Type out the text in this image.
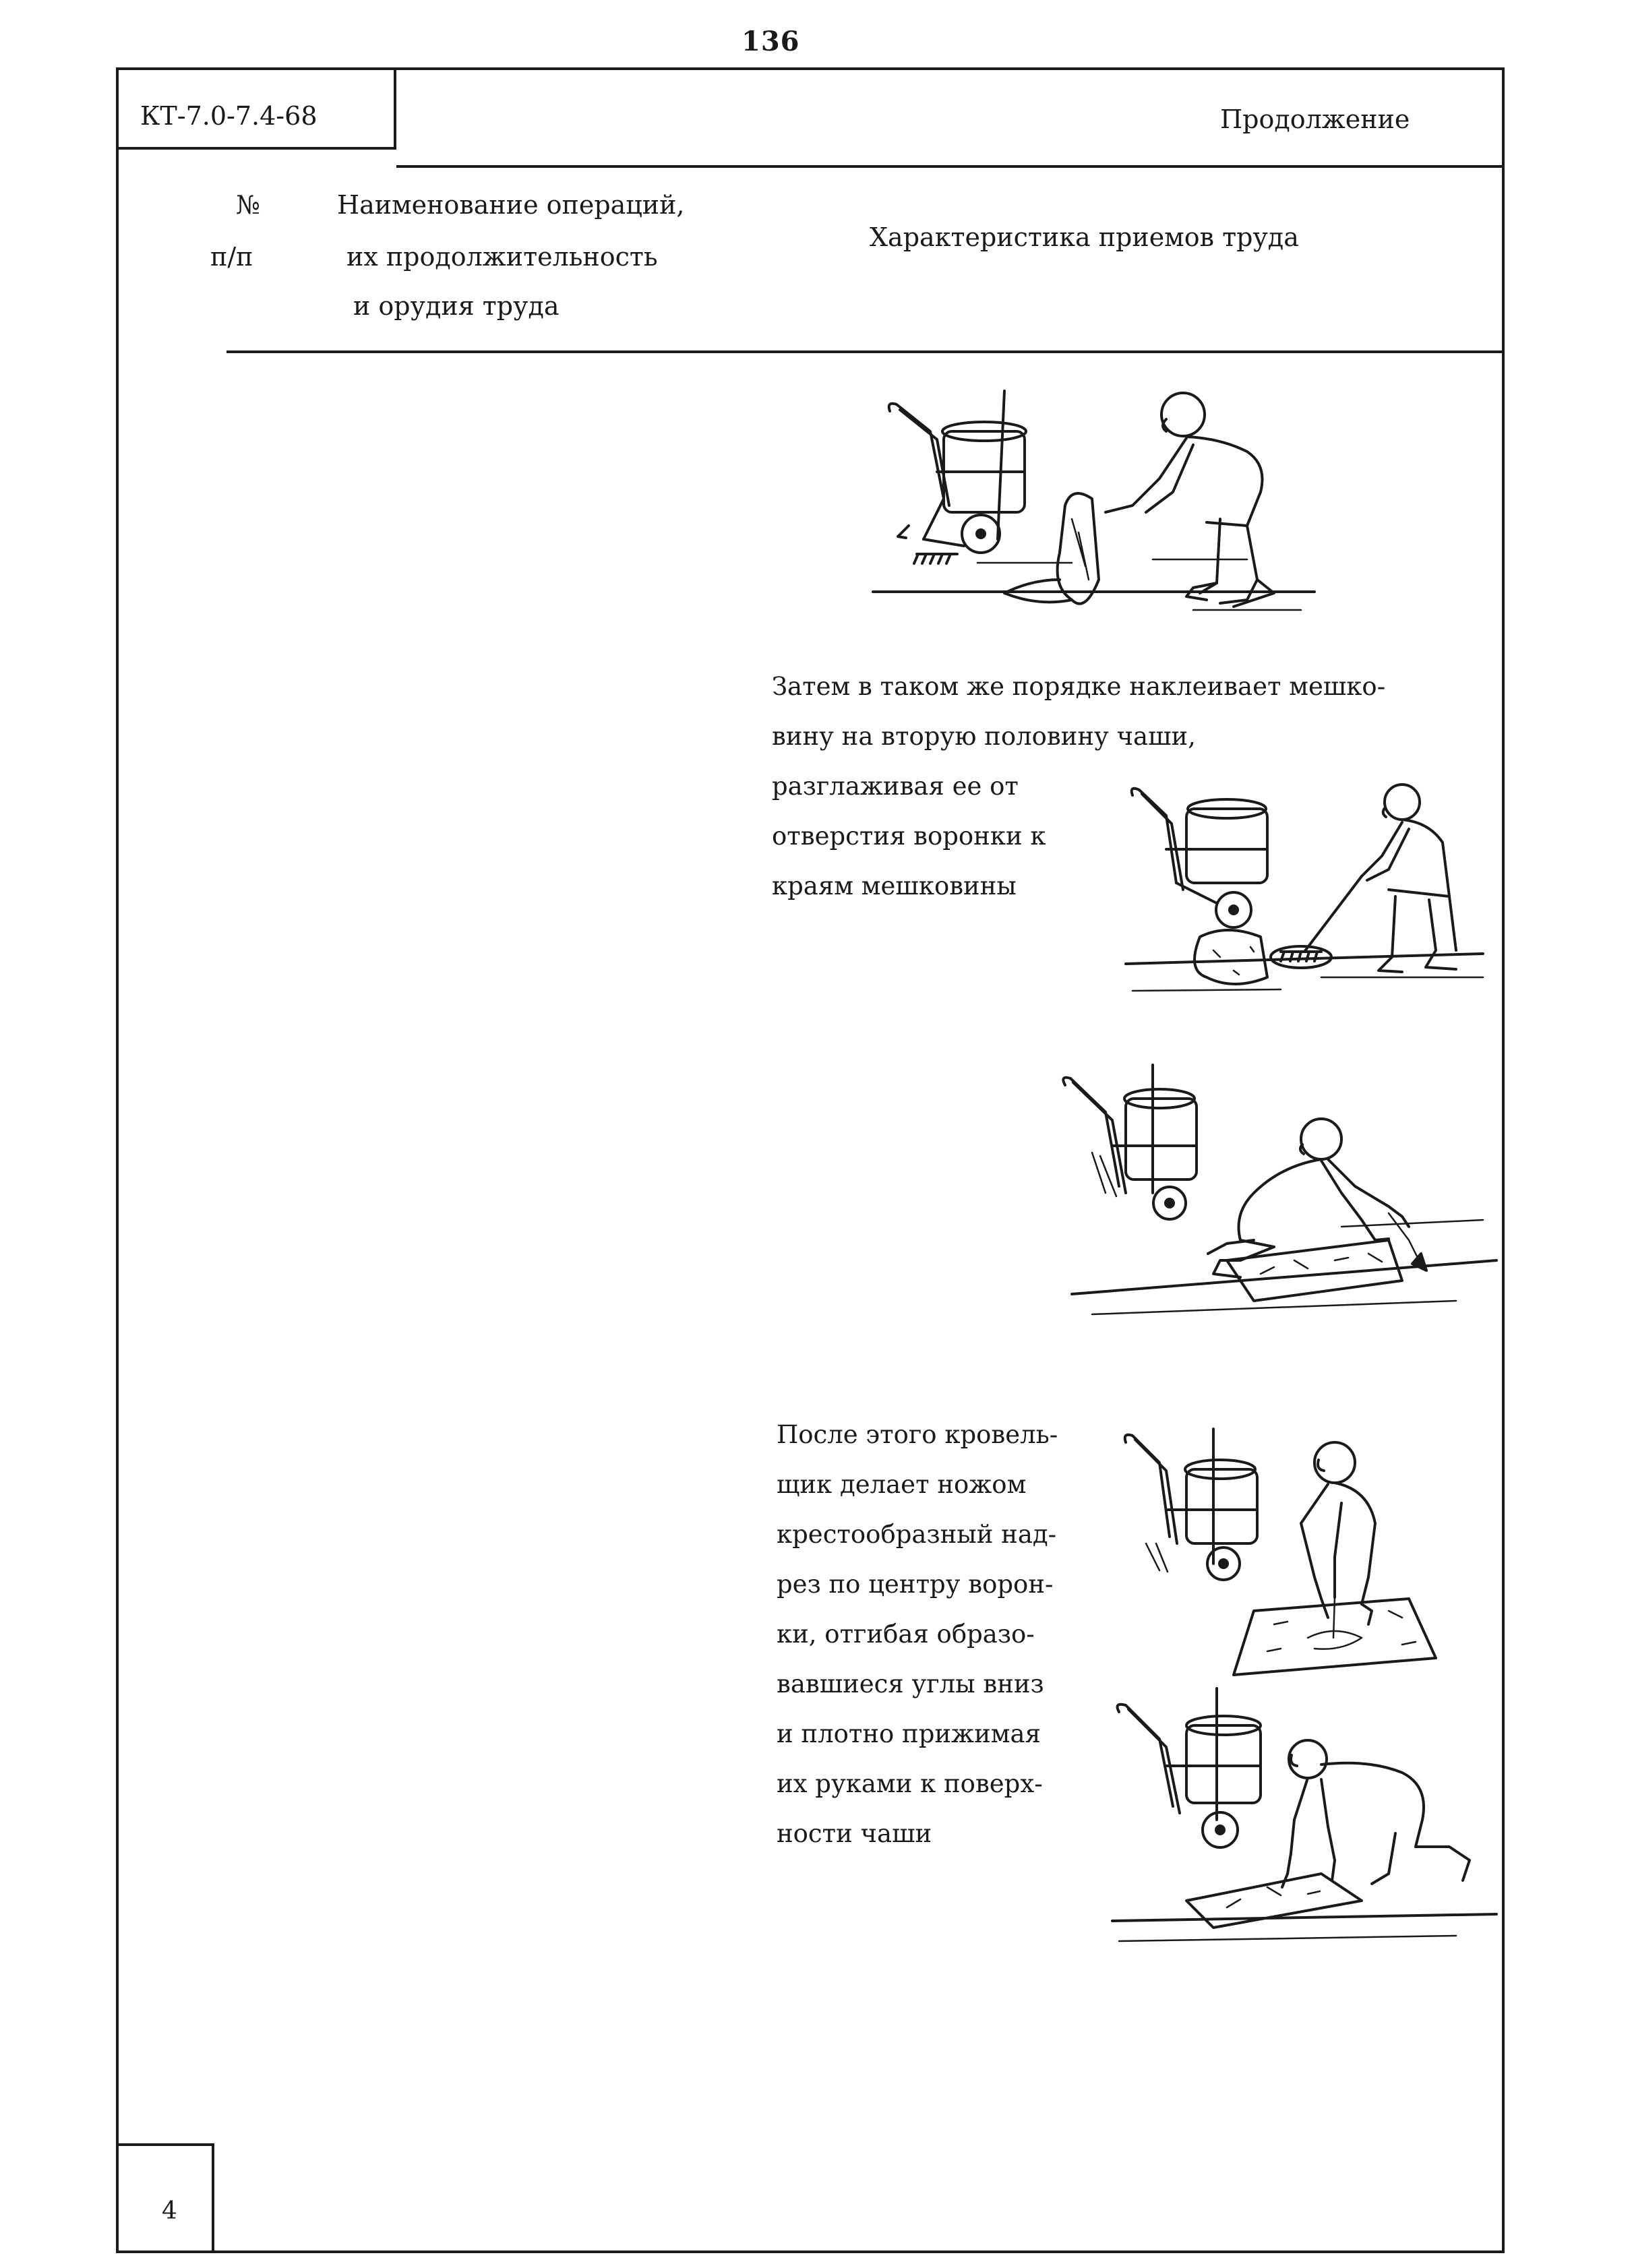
136
КТ-7.0-7.4-68	Продолжение
№
п/п
Наименование операций,
их продолжительность
и орудия труда
Характеристика приемов труда
Затем в таком же порядке наклеивает мешко-
вину на вторую половину чаши,
разглаживая ее от
отверстия воронки к
краям мешковины
После этого кровель-
щик делает ножом
крестообразный над-
рез по центру ворон-
ки, отгибая образо-
вавшиеся углы вниз
и плотно прижимая
их руками к поверх-
ности чаши
4
